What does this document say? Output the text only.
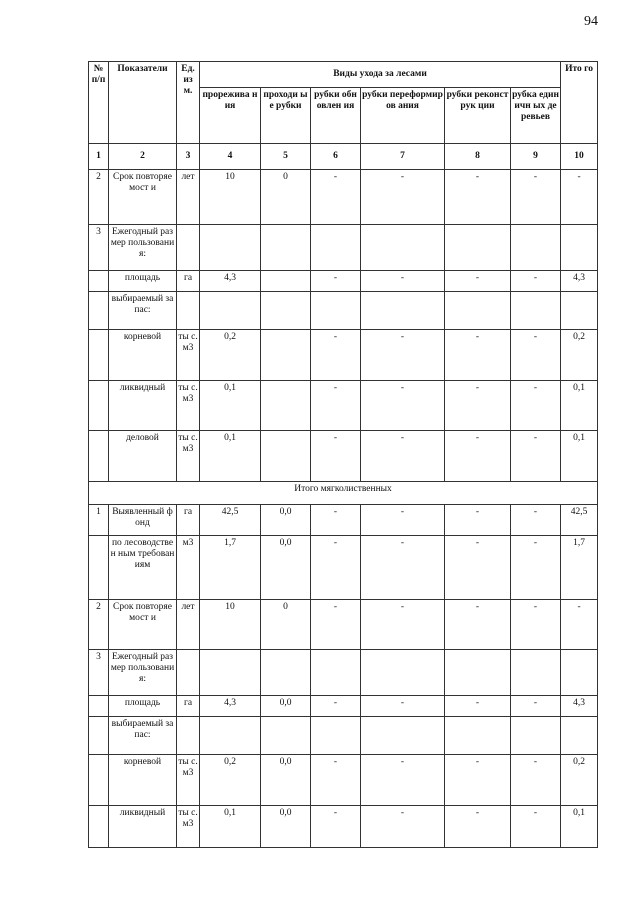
94
№ п/п	Показатели	Ед. из м.	Виды ухода за лесами						Ито го
			прорежива ния	проходи ые рубки	рубки обновлен ия	рубки переформиров ания	рубки реконструк ции	рубка единичн ых деревьев	
1	2	3	4	5	6	7	8	9	10
2	Срок повторяемост и	лет	10	0	-	-	-	-	-
3	Ежегодный размер пользования:								
	площадь	га	4,3		-	-	-	-	4,3
	выбираемый запас:								
	корневой	ты с. м3	0,2		-	-	-	-	0,2
	ликвидный	ты с. м3	0,1		-	-	-	-	0,1
	деловой	ты с. м3	0,1		-	-	-	-	0,1
Итого мягколиственных									
1	Выявленный фонд	га	42,5	0,0	-	-	-	-	42,5
	по лесоводствен ным требованиям	м3	1,7	0,0	-	-	-	-	1,7
2	Срок повторяемост и	лет	10	0	-	-	-	-	-
3	Ежегодный размер пользования:								
	площадь	га	4,3	0,0	-	-	-	-	4,3
	выбираемый запас:								
	корневой	ты с. м3	0,2	0,0	-	-	-	-	0,2
	ликвидный	ты с. м3	0,1	0,0	-	-	-	-	0,1
